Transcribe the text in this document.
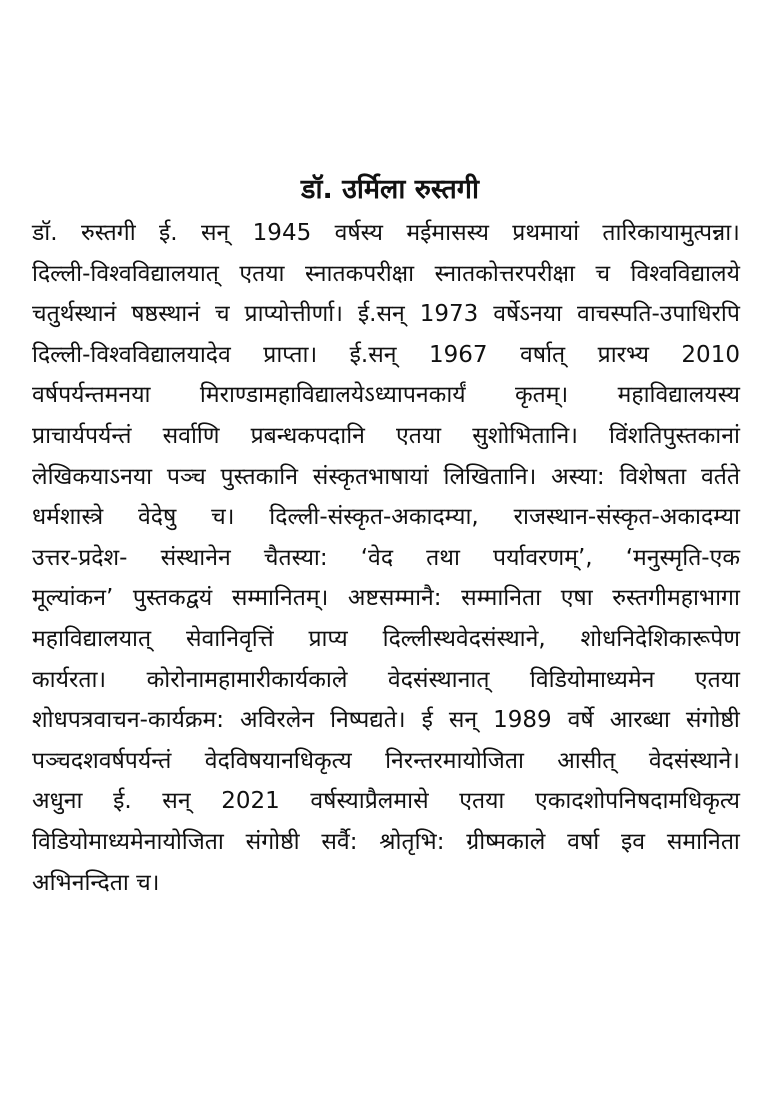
डॉ. उर्मिला रुस्तगी
डॉ. रुस्तगी ई. सन् 1945 वर्षस्य मईमासस्य प्रथमायां तारिकायामुत्पन्ना।
दिल्ली-विश्वविद्यालयात् एतया स्नातकपरीक्षा स्नातकोत्तरपरीक्षा च विश्वविद्यालये
चतुर्थस्थानं षष्ठस्थानं च प्राप्योत्तीर्णा। ई.सन् 1973 वर्षेऽनया वाचस्पति-उपाधिरपि
दिल्ली-विश्वविद्यालयादेव प्राप्ता। ई.सन् 1967 वर्षात् प्रारभ्य 2010
वर्षपर्यन्तमनया मिराण्डामहाविद्यालयेऽध्यापनकार्यं कृतम्। महाविद्यालयस्य
प्राचार्यपर्यन्तं सर्वाणि प्रबन्धकपदानि एतया सुशोभितानि। विंशतिपुस्तकानां
लेखिकयाऽनया पञ्च पुस्तकानि संस्कृतभाषायां लिखितानि। अस्या: विशेषता वर्तते
धर्मशास्त्रे वेदेषु च। दिल्ली-संस्कृत-अकादम्या, राजस्थान-संस्कृत-अकादम्या
उत्तर-प्रदेश- संस्थानेन चैतस्या: ‘वेद तथा पर्यावरणम्’, ‘मनुस्मृति-एक
मूल्यांकन’ पुस्तकद्वयं सम्मानितम्। अष्टसम्मानै: सम्मानिता एषा रुस्तगीमहाभागा
महाविद्यालयात् सेवानिवृत्तिं प्राप्य दिल्लीस्थवेदसंस्थाने, शोधनिदेशिकारूपेण
कार्यरता। कोरोनामहामारीकार्यकाले वेदसंस्थानात् विडियोमाध्यमेन एतया
शोधपत्रवाचन-कार्यक्रम: अविरलेन निष्पद्यते। ई सन् 1989 वर्षे आरब्धा संगोष्ठी
पञ्चदशवर्षपर्यन्तं वेदविषयानधिकृत्य निरन्तरमायोजिता आसीत् वेदसंस्थाने।
अधुना ई. सन् 2021 वर्षस्याप्रैलमासे एतया एकादशोपनिषदामधिकृत्य
विडियोमाध्यमेनायोजिता संगोष्ठी सर्वै: श्रोतृभि: ग्रीष्मकाले वर्षा इव समानिता
अभिनन्दिता च।
